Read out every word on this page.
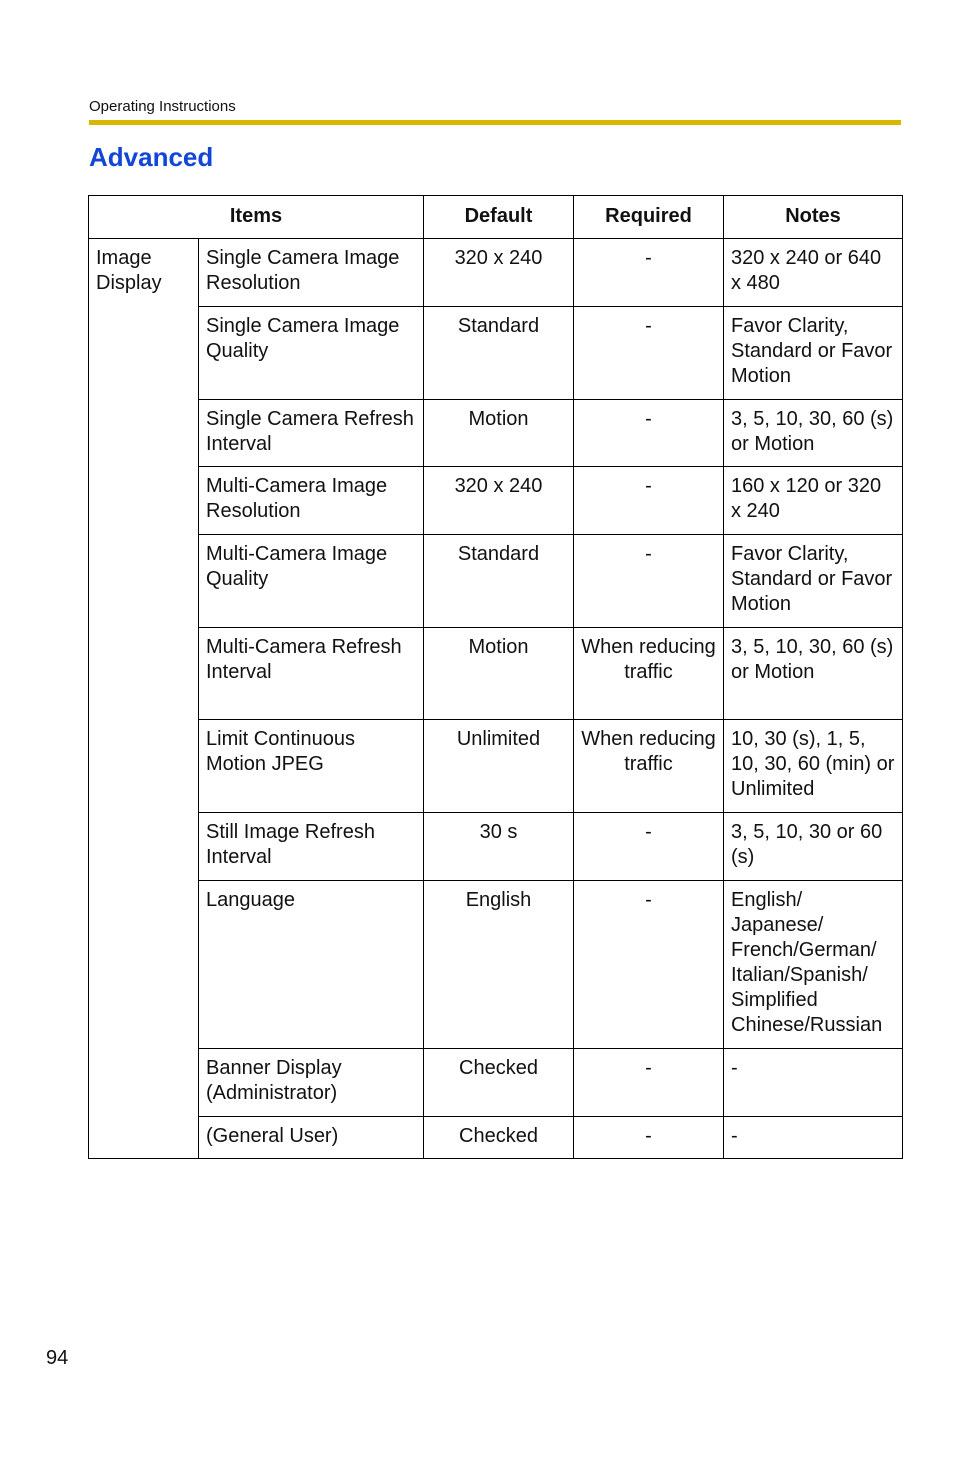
Operating Instructions
Advanced
Items		Default	Required	Notes
Image Display	Single Camera Image Resolution	320 x 240	-	320 x 240 or 640 x 480
	Single Camera Image Quality	Standard	-	Favor Clarity, Standard or Favor Motion
	Single Camera Refresh Interval	Motion	-	3, 5, 10, 30, 60 (s) or Motion
	Multi-Camera Image Resolution	320 x 240	-	160 x 120 or 320 x 240
	Multi-Camera Image Quality	Standard	-	Favor Clarity, Standard or Favor Motion
	Multi-Camera Refresh Interval	Motion	When reducing traffic	3, 5, 10, 30, 60 (s) or Motion
	Limit Continuous Motion JPEG	Unlimited	When reducing traffic	10, 30 (s), 1, 5, 10, 30, 60 (min) or Unlimited
	Still Image Refresh Interval	30 s	-	3, 5, 10, 30 or 60 (s)
	Language	English	-	English/ Japanese/ French/German/ Italian/Spanish/ Simplified Chinese/Russian
	Banner Display (Administrator)	Checked	-	-
	(General User)	Checked	-	-
94
